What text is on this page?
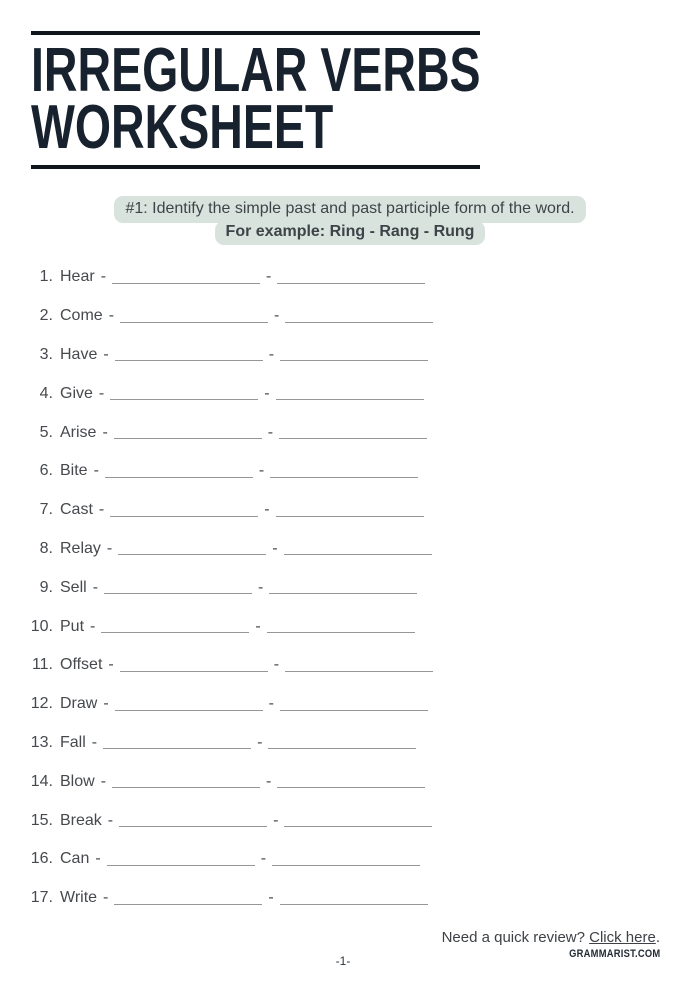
IRREGULAR VERBS
WORKSHEET
#1: Identify the simple past and past participle form of the word.
For example: Ring - Rang - Rung
1. Hear -	-
2. Come -	-
3. Have -	-
4. Give -	-
5. Arise -	-
6. Bite -	-
7. Cast -	-
8. Relay -	-
9. Sell -	-
10. Put -	-
11. Offset -	-
12. Draw -	-
13. Fall -	-
14. Blow -	-
15. Break -	-
16. Can -	-
17. Write -	-
Need a quick review? Click here.
GRAMMARIST.COM
-1-
